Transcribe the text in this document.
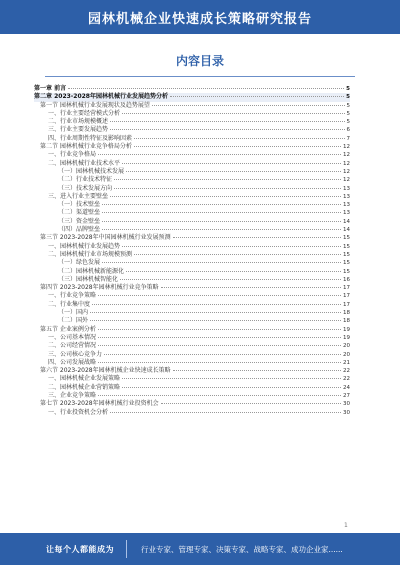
园林机械企业快速成长策略研究报告
内容目录
第一章 前言	5
第二章 2023-2028年园林机械行业发展趋势分析	5
第一节 园林机械行业发展现状及趋势展望	5
一、行业主要经营模式分析	5
二、行业市场规模概述	5
三、行业主要发展趋势	6
四、行业周期性特征及影响因素	7
第二节 园林机械行业竞争格局分析	12
一、行业竞争格局	12
二、园林机械行业技术水平	12
（一）园林机械技术发展	12
（二）行业技术特征	12
（三）技术发展方向	13
三、进入行业主要壁垒	13
（一）技术壁垒	13
（二）渠道壁垒	13
（三）资金壁垒	14
（四）品牌壁垒	14
第三节 2023-2028年中国园林机械行业发展预测	15
一、园林机械行业发展趋势	15
二、园林机械行业市场规模预测	15
（一）绿色发展	15
（二）园林机械新能源化	15
（三）园林机械智能化	16
第四节 2023-2028年园林机械行业竞争策略	17
一、行业竞争策略	17
二、行业集中度	17
（一）国内	18
（二）国外	18
第五节 企业案例分析	19
一、公司基本情况	19
二、公司经营情况	20
三、公司核心竞争力	20
四、公司发展战略	21
第六节 2023-2028年园林机械企业快速成长策略	22
一、园林机械企业发展策略	22
二、园林机械企业营销策略	24
三、企业竞争策略	27
第七节 2023-2028年园林机械行业投资机会	30
一、行业投资机会分析	30
1
让每个人都能成为	行业专家、管理专家、决策专家、战略专家、成功企业家......
